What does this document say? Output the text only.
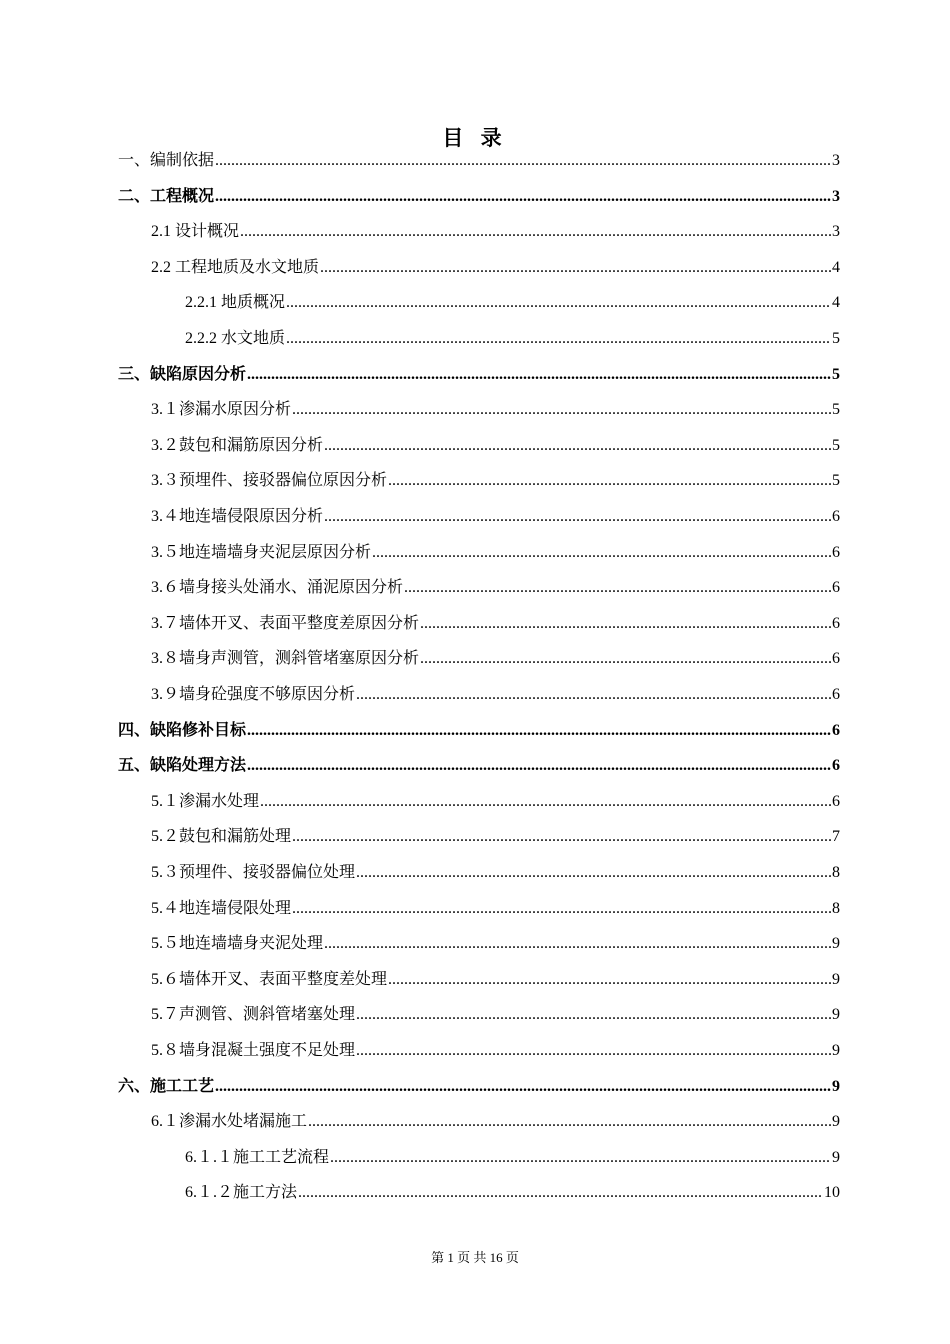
目 录
一、编制依据 .....	3
二、工程概况 .....	3
2.1 设计概况 .....	3
2.2 工程地质及水文地质 .....	4
2.2.1 地质概况 .....	4
2.2.2 水文地质 .....	5
三、缺陷原因分析 .....	5
3.１渗漏水原因分析 .....	5
3.２鼓包和漏筋原因分析 .....	5
3.３预埋件、接驳器偏位原因分析 .....	5
3.４地连墙侵限原因分析 .....	6
3.５地连墙墙身夹泥层原因分析 .....	6
3.６墙身接头处涌水、涌泥原因分析 .....	6
3.７墙体开叉、表面平整度差原因分析 .....	6
3.８墙身声测管，测斜管堵塞原因分析 .....	6
3.９墙身砼强度不够原因分析 .....	6
四、缺陷修补目标 .....	6
五、缺陷处理方法 .....	6
5.１渗漏水处理 .....	6
5.２鼓包和漏筋处理 .....	7
5.３预埋件、接驳器偏位处理 .....	8
5.４地连墙侵限处理 .....	8
5.５地连墙墙身夹泥处理 .....	9
5.６墙体开叉、表面平整度差处理 .....	9
5.７声测管、测斜管堵塞处理 .....	9
5.８墙身混凝土强度不足处理 .....	9
六、施工工艺 .....	9
6.１渗漏水处堵漏施工 .....	9
6.１.１施工工艺流程 .....	9
6.１.２施工方法 .....	10
第 1 页 共 16 页
